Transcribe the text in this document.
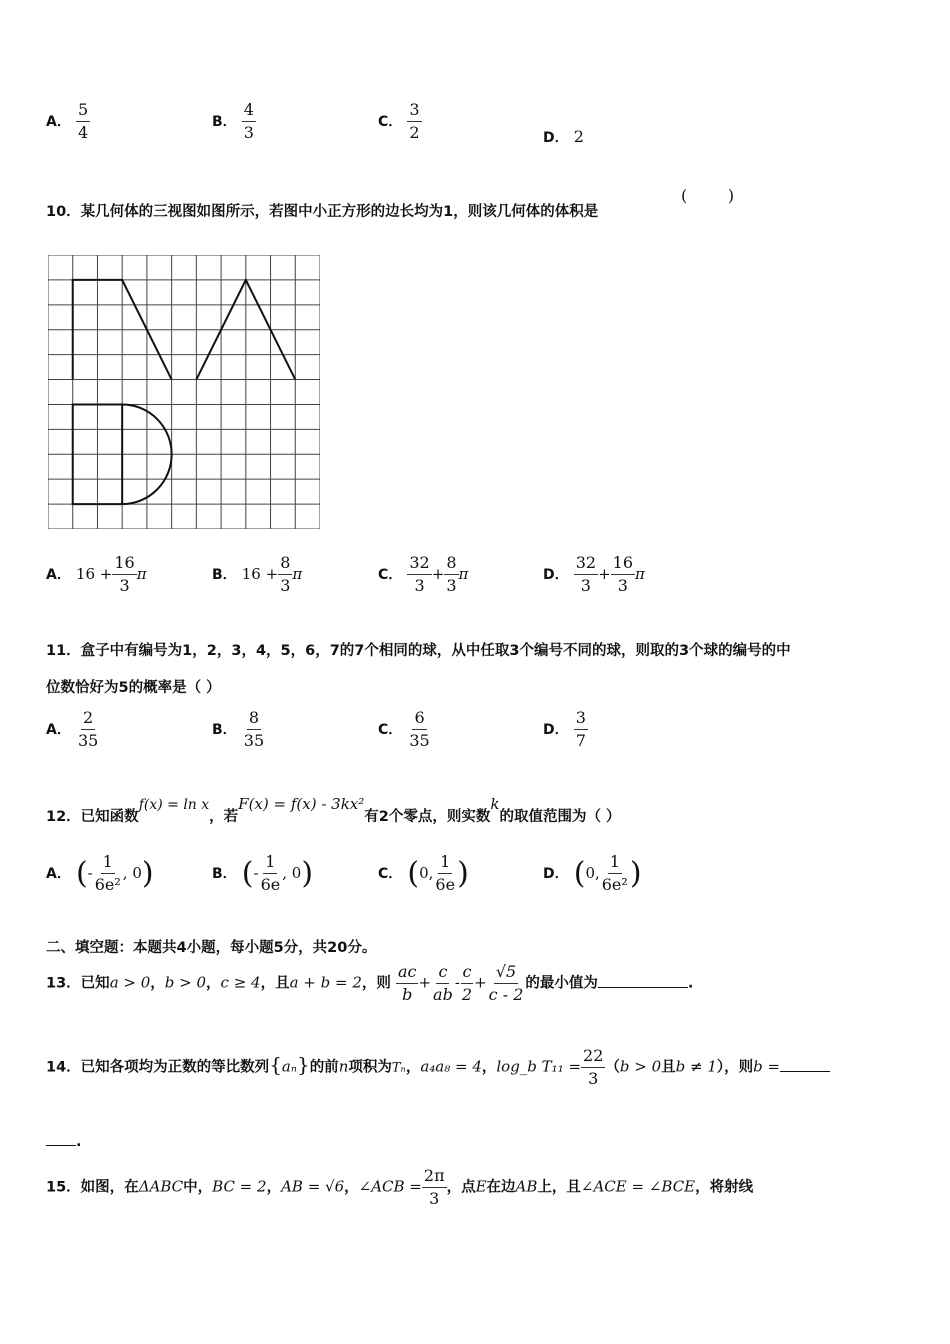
A． $\frac{5}{4}$	B． $\frac{4}{3}$	C． $\frac{3}{2}$	D． 2
10．某几何体的三视图如图所示，若图中小正方形的边长均为1，则该几何体的体积是
(        )
A． $16 + \frac{16}{3}$ π	B． $16 + \frac{8}{3}$ π	C． $\frac{32}{3} + \frac{8}{3}$ π	D． $\frac{32}{3} + \frac{16}{3}$ π
11．盒子中有编号为1，2，3，4，5，6，7的7个相同的球，从中任取3个编号不同的球，则取的3个球的编号的中
位数恰好为5的概率是（ ）
A． $\frac{2}{35}$	B． $\frac{8}{35}$	C． $\frac{6}{35}$	D． $\frac{3}{7}$
12．已知函数f(x) = ln x，若F(x) = f(x) - 3kx²有2个零点，则实数k的取值范围为（ ）
A． (- $\frac{1}{\text{6e²}}$ , 0)	B． (- $\frac{1}{6e}$ , 0)	C． (0, $\frac{1}{6e}$ )	D． (0, $\frac{1}{\text{6e²}}$ )
二、填空题：本题共4小题，每小题5分，共20分。
13．已知a > 0，b > 0，c ≥ 4，且a + b = 2，则 $\frac{ac}{b} + \frac{c}{ab} - \frac{c}{2} + \frac{√5}{c - 2}$ 的最小值为	.
14．已知各项均为正数的等比数列{aₙ}的前n项积为Tₙ，a₄a₈ = 4，log_b $T_{11} = \frac{22}{3} (b > 0$且b ≠ 1），则b =
.
15．如图，在ΔABC中，BC = 2，AB = √6，∠ACB = $\frac{2\pi}{3}$ ，点E在边AB上，且∠ACE = ∠BCE，将射线
